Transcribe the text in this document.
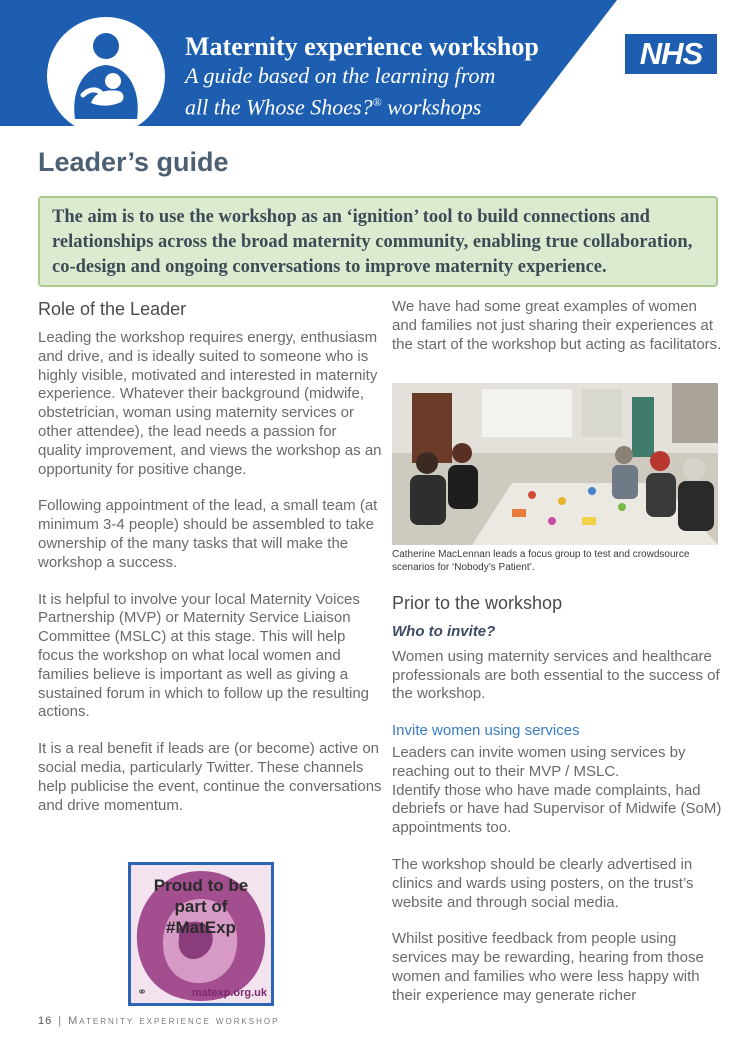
Maternity experience workshop
A guide based on the learning from
all the Whose Shoes?® workshops
NHS
Leader’s guide
The aim is to use the workshop as an ‘ignition’ tool to build connections and relationships across the broad maternity community, enabling true collaboration, co-design and ongoing conversations to improve maternity experience.
Role of the Leader

Leading the workshop requires energy, enthusiasm and drive, and is ideally suited to someone who is highly visible, motivated and interested in maternity experience. Whatever their background (midwife, obstetrician, woman using maternity services or other attendee), the lead needs a passion for quality improvement, and views the workshop as an opportunity for positive change.

Following appointment of the lead, a small team (at minimum 3-4 people) should be assembled to take ownership of the many tasks that will make the workshop a success.

It is helpful to involve your local Maternity Voices Partnership (MVP) or Maternity Service Liaison Committee (MSLC) at this stage. This will help focus the workshop on what local women and families believe is important as well as giving a sustained forum in which to follow up the resulting actions.

It is a real benefit if leads are (or become) active on social media, particularly Twitter. These channels help publicise the event, continue the conversations and drive momentum.

Proud to be
part of
#MatExp
⚭	matexp.org.uk

We have had some great examples of women and families not just sharing their experiences at the start of the workshop but acting as facilitators.

Catherine MacLennan leads a focus group to test and crowdsource scenarios for ‘Nobody’s Patient’.
Prior to the workshop
Who to invite?

Women using maternity services and healthcare professionals are both essential to the success of the workshop.

Invite women using services

Leaders can invite women using services by reaching out to their MVP / MSLC.

Identify those who have made complaints, had debriefs or have had Supervisor of Midwife (SoM) appointments too.

The workshop should be clearly advertised in clinics and wards using posters, on the trust’s website and through social media.

Whilst positive feedback from people using services may be rewarding, hearing from those women and families who were less happy with their experience may generate richer

16 | Maternity experience workshop
